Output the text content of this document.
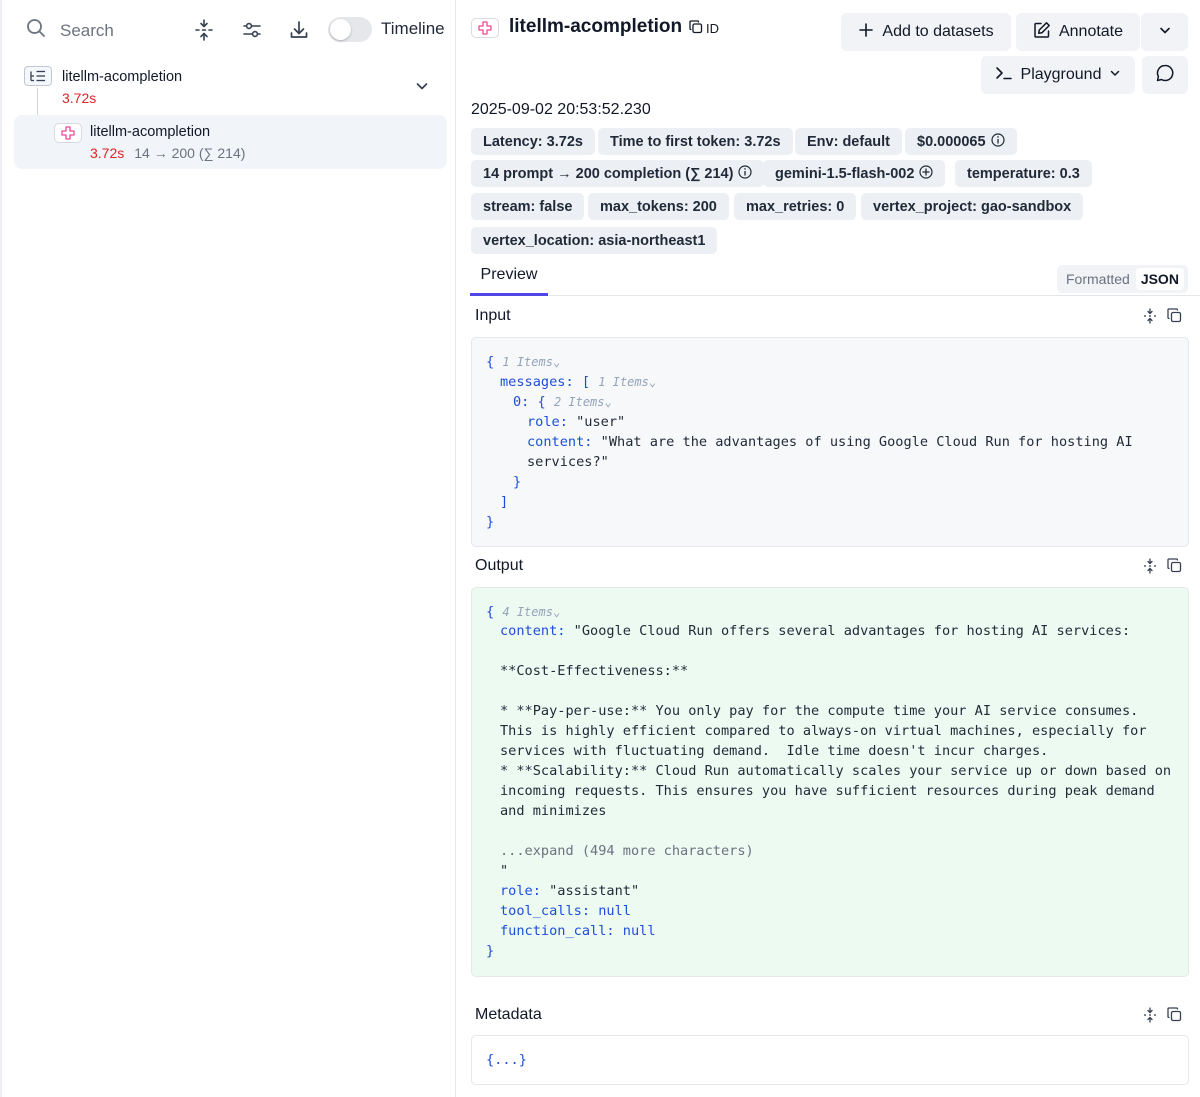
Search	Timeline
litellm-acompletion
3.72s
litellm-acompletion
3.72s 14 → 200 (∑ 214)
litellm-acompletion ID	Add to datasets	Annotate
Playground
2025-09-02 20:53:52.230
Latency: 3.72s	Time to first token: 3.72s	Env: default	$0.000065
14 prompt → 200 completion (∑ 214)	gemini-1.5-flash-002	temperature: 0.3
stream: false	max_tokens: 200	max_retries: 0	vertex_project: gao-sandbox
vertex_location: asia-northeast1
Preview	Formatted JSON
Input
{ 1 Items⌄
messages: [ 1 Items⌄
0: { 2 Items⌄
role: "user"
content: "What are the advantages of using Google Cloud Run for hosting AI
services?"
}
]
}
Output
{ 4 Items⌄
content: "Google Cloud Run offers several advantages for hosting AI services:
**Cost-Effectiveness:**
* **Pay-per-use:** You only pay for the compute time your AI service consumes.
This is highly efficient compared to always-on virtual machines, especially for
services with fluctuating demand.  Idle time doesn't incur charges.
* **Scalability:** Cloud Run automatically scales your service up or down based on
incoming requests. This ensures you have sufficient resources during peak demand
and minimizes
...expand (494 more characters)
"
role: "assistant"
tool_calls: null
function_call: null
}
Metadata
{...}
